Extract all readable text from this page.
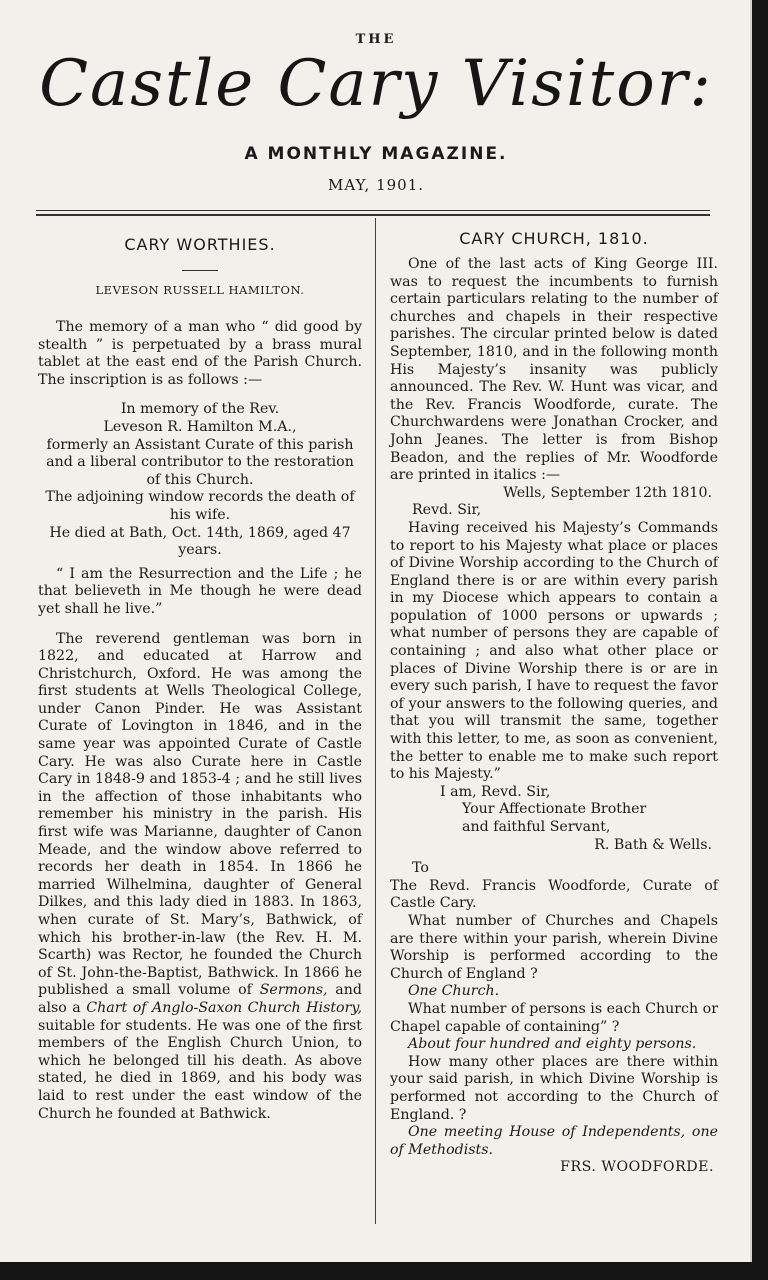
THE
Castle Cary Visitor:
A MONTHLY MAGAZINE.
MAY, 1901.
CARY WORTHIES.
LEVESON RUSSELL HAMILTON.

The memory of a man who “ did good by stealth ” is perpetuated by a brass mural tablet at the east end of the Parish Church. The inscription is as follows :—

In memory of the Rev.

Leveson R. Hamilton M.A.,

formerly an Assistant Curate of this parish

and a liberal contributor to the restoration of this Church.

The adjoining window records the death of his wife.

He died at Bath, Oct. 14th, 1869, aged 47 years.

“ I am the Resurrection and the Life ; he that believeth in Me though he were dead yet shall he live.”

The reverend gentleman was born in 1822, and educated at Harrow and Christchurch, Oxford. He was among the first students at Wells Theological College, under Canon Pinder. He was Assistant Curate of Lovington in 1846, and in the same year was appointed Curate of Castle Cary. He was also Curate here in Castle Cary in 1848-9 and 1853-4 ; and he still lives in the affection of those inhabitants who remember his ministry in the parish. His first wife was Marianne, daughter of Canon Meade, and the window above referred to records her death in 1854. In 1866 he married Wilhelmina, daughter of General Dilkes, and this lady died in 1883. In 1863, when curate of St. Mary’s, Bathwick, of which his brother-in-law (the Rev. H. M. Scarth) was Rector, he founded the Church of St. John-the-Baptist, Bathwick. In 1866 he published a small volume of Sermons, and also a Chart of Anglo-Saxon Church History, suitable for students. He was one of the first members of the English Church Union, to which he belonged till his death. As above stated, he died in 1869, and his body was laid to rest under the east window of the Church he founded at Bathwick.

CARY CHURCH, 1810.

One of the last acts of King George III. was to request the incumbents to furnish certain particulars relating to the number of churches and chapels in their respective parishes. The circular printed below is dated September, 1810, and in the following month His Majesty’s insanity was publicly announced. The Rev. W. Hunt was vicar, and the Rev. Francis Woodforde, curate. The Churchwardens were Jonathan Crocker, and John Jeanes. The letter is from Bishop Beadon, and the replies of Mr. Woodforde are printed in italics :—

Wells, September 12th 1810.

Revd. Sir,

Having received his Majesty’s Commands to report to his Majesty what place or places of Divine Worship according to the Church of England there is or are within every parish in my Diocese which appears to contain a population of 1000 persons or upwards ; what number of persons they are capable of containing ; and also what other place or places of Divine Worship there is or are in every such parish, I have to request the favor of your answers to the following queries, and that you will transmit the same, together with this letter, to me, as soon as convenient, the better to enable me to make such report to his Majesty.”

I am, Revd. Sir,

Your Affectionate Brother

and faithful Servant,

R. Bath & Wells.

To

The Revd. Francis Woodforde, Curate of Castle Cary.

What number of Churches and Chapels are there within your parish, wherein Divine Worship is performed according to the Church of England ?

One Church.

What number of persons is each Church or Chapel capable of containing” ?

About four hundred and eighty persons.

How many other places are there within your said parish, in which Divine Worship is performed not according to the Church of England. ?

One meeting House of Independents, one of Methodists.

FRS. WOODFORDE.
